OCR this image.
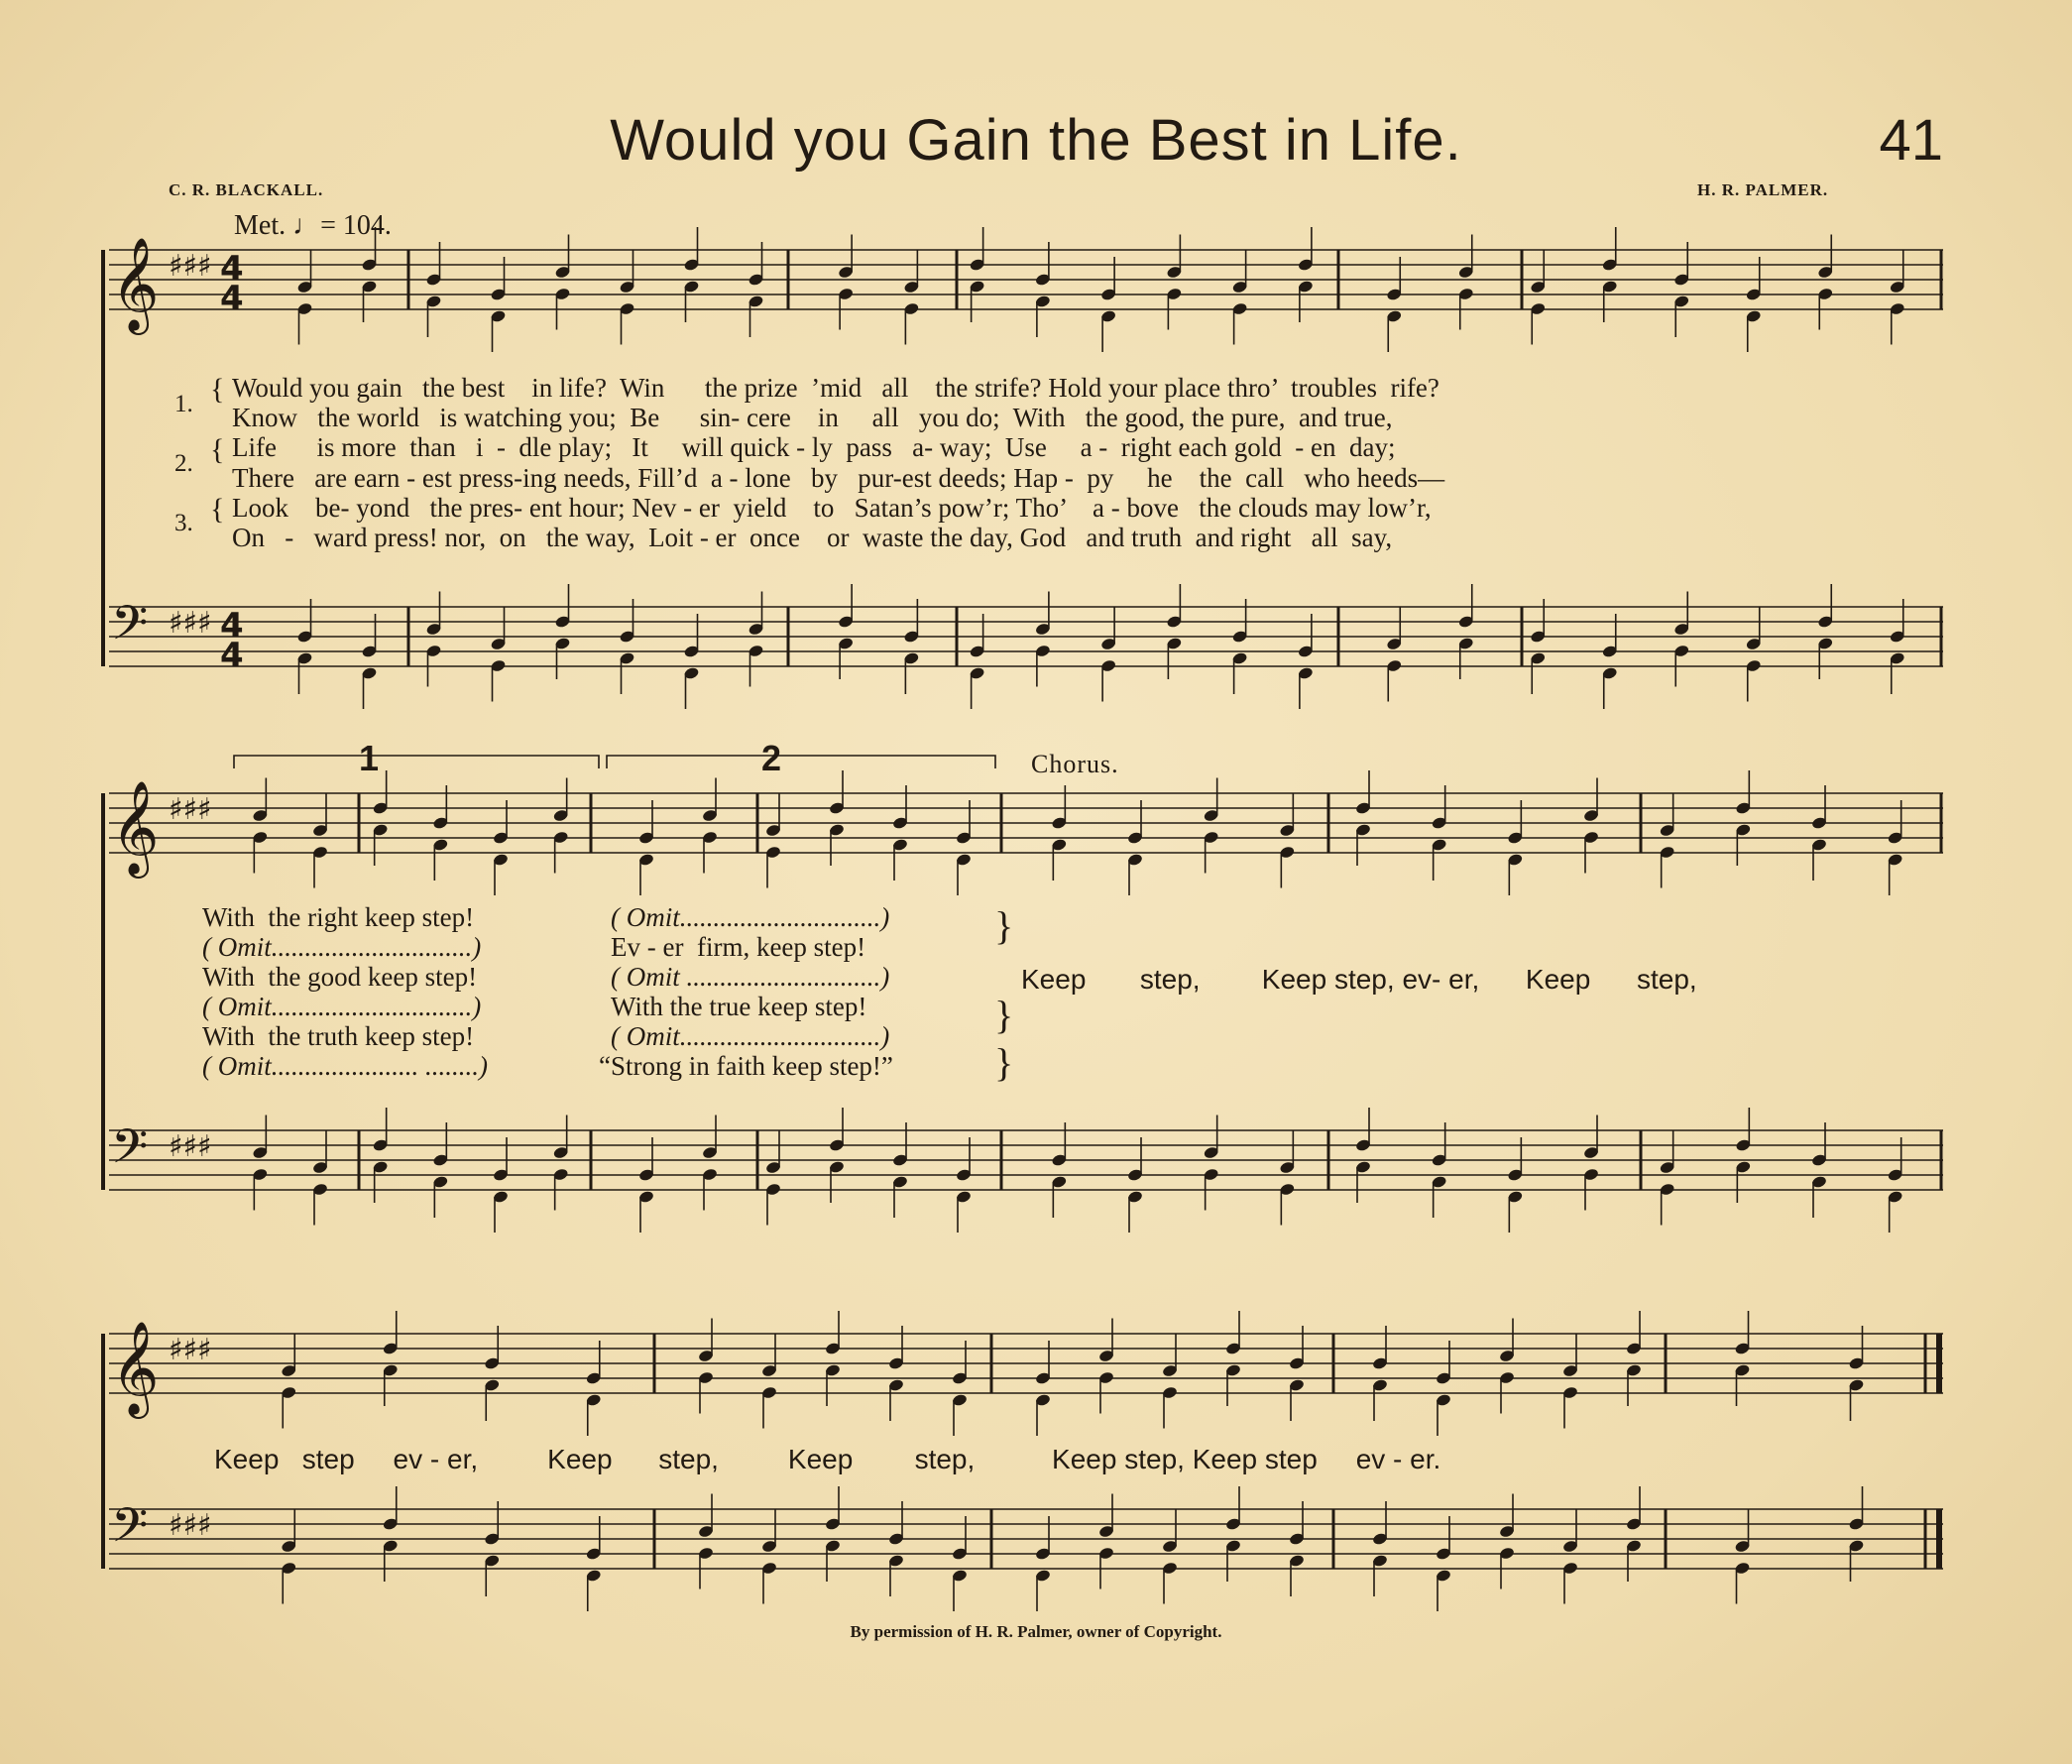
Would you Gain the Best in Life.	41
C. R. BLACKALL.	H. R. PALMER.
Met. ♩= 104.
𝄞 ♯♯♯
𝄢 ♯♯♯
4
4
4
4
𝄞 ♯♯♯
𝄢 ♯♯♯
𝄞 ♯♯♯
𝄢 ♯♯♯
1.
2.
3.
{
{
{
Would you gain   the best    in life?  Win      the prize  ’mid   all    the strife? Hold your place thro’  troubles  rife?
Know   the world   is watching you;  Be      sin- cere    in     all   you do;  With   the good, the pure,  and true,
Life      is more  than   i  -  dle play;   It     will quick - ly  pass   a- way;  Use     a -  right each gold  - en  day;
There   are earn - est press-ing needs, Fill’d  a - lone   by   pur-est deeds; Hap -  py     he    the  call   who heeds—
Look    be- yond   the pres- ent hour; Nev - er  yield    to   Satan’s pow’r; Tho’    a - bove   the clouds may low’r,
On   -   ward press! nor,  on   the way,  Loit - er  once    or  waste the day, God   and truth  and right   all  say,
1	2	Chorus.
With  the right keep step!
( Omit..............................)
With  the good keep step!
( Omit..............................)
With  the truth keep step!
( Omit...................... ........)
( Omit..............................)
Ev - er  firm, keep step!
( Omit .............................)
With the true keep step!
( Omit..............................)
“Strong in faith keep step!”
}
}
}
Keep       step,        Keep step, ev- er,      Keep      step,
Keep   step     ev - er,         Keep      step,         Keep        step,          Keep step, Keep step     ev - er.
By permission of H. R. Palmer, owner of Copyright.
